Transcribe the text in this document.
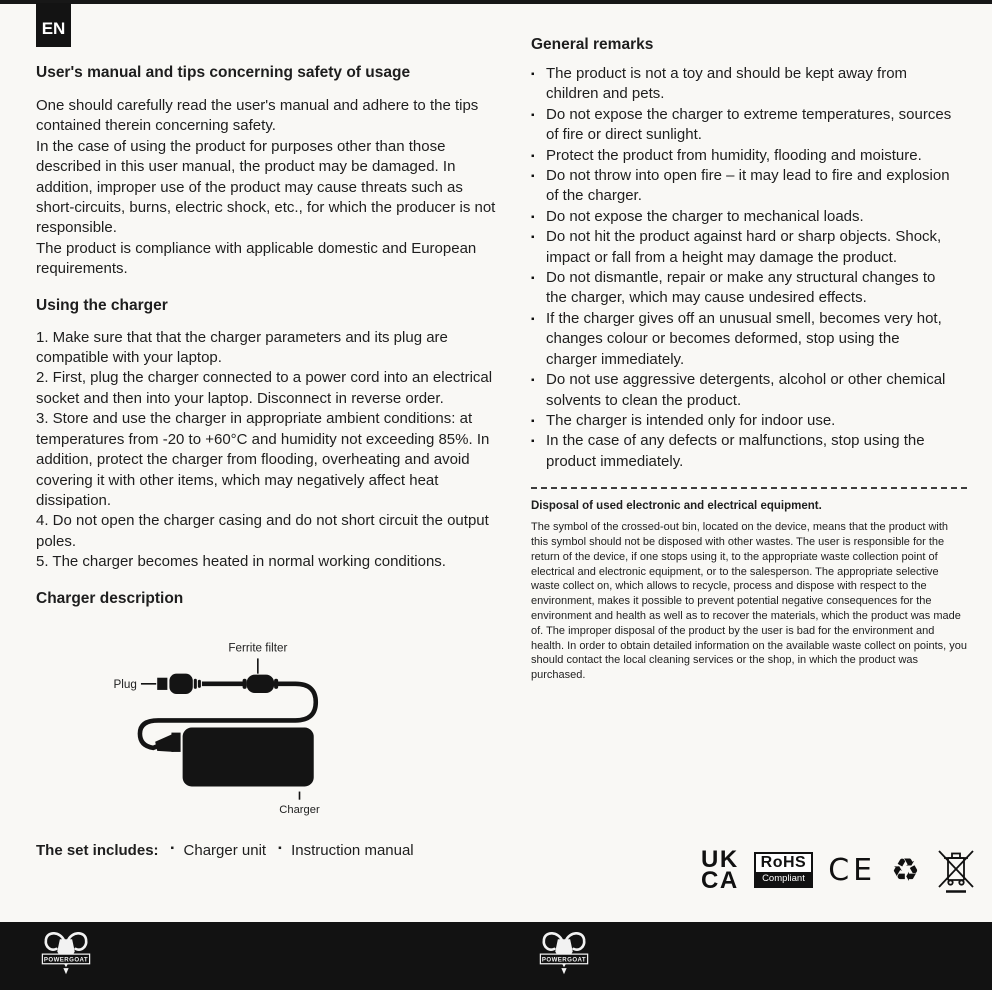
EN
User's manual and tips concerning safety of usage

One should carefully read the user's manual and adhere to the tips contained therein concerning safety.

In the case of using the product for purposes other than those described in this user manual, the product may be damaged. In addition, improper use of the product may cause threats such as short-circuits, burns, electric shock, etc., for which the producer is not responsible.

The product is compliance with applicable domestic and European requirements.

Using the charger

1. Make sure that that the charger parameters and its plug are compatible with your laptop.

2. First, plug the charger connected to a power cord into an electrical socket and then into your laptop. Disconnect in reverse order.

3. Store and use the charger in appropriate ambient conditions: at temperatures from -20 to +60°C and humidity not exceeding 85%. In addition, protect the charger from flooding, overheating and avoid covering it with other items, which may negatively affect heat dissipation.

4. Do not open the charger casing and do not short circuit the output poles.

5. The charger becomes heated in normal working conditions.

Charger description
Ferrite filter
Plug
Charger
The set includes: ▪ Charger unit ▪ Instruction manual
General remarks
▪ The product is not a toy and should be kept away from children and pets.
▪ Do not expose the charger to extreme temperatures, sources of fire or direct sunlight.
▪ Protect the product from humidity, flooding and moisture.
▪ Do not throw into open fire – it may lead to fire and explosion of the charger.
▪ Do not expose the charger to mechanical loads.
▪ Do not hit the product against hard or sharp objects. Shock, impact or fall from a height may damage the product.
▪ Do not dismantle, repair or make any structural changes to the charger, which may cause undesired effects.
▪ If the charger gives off an unusual smell, becomes very hot, changes colour or becomes deformed, stop using the charger immediately.
▪ Do not use aggressive detergents, alcohol or other chemical solvents to clean the product.
▪ The charger is intended only for indoor use.
▪ In the case of any defects or malfunctions, stop using the product immediately.
Disposal of used electronic and electrical equipment.

The symbol of the crossed-out bin, located on the device, means that the product with this symbol should not be disposed with other wastes. The user is responsible for the return of the device, if one stops using it, to the appropriate waste collection point of electrical and electronic equipment, or to the salesperson. The appropriate selective waste collect on, which allows to recycle, process and dispose with respect to the environment, makes it possible to prevent potential negative consequences for the environment and health as well as to recover the materials, which the product was made of. The improper disposal of the product by the user is bad for the environment and health. In order to obtain detailed information on the available waste collect on points, you should contact the local cleaning services or the shop, in which the product was purchased.

UK
CA
RoHS
Compliant CE ♻
POWERGOAT	POWERGOAT
